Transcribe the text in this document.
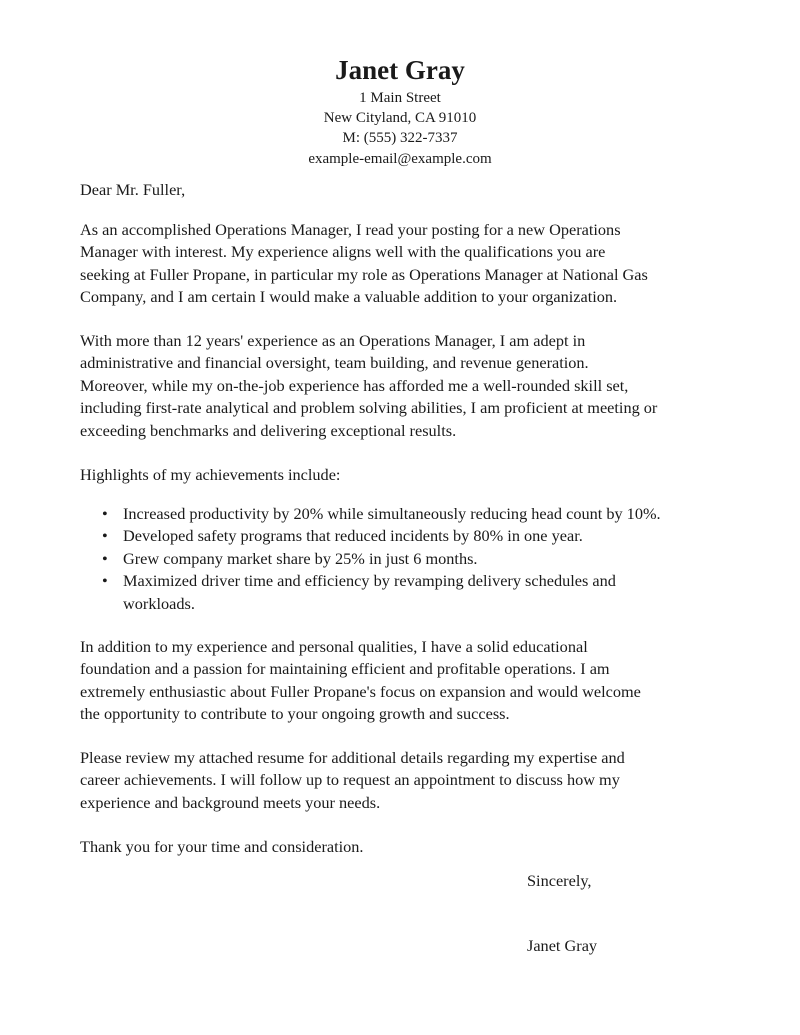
Janet Gray
1 Main Street
New Cityland, CA 91010
M: (555) 322-7337
example-email@example.com
Dear Mr. Fuller,
As an accomplished Operations Manager, I read your posting for a new Operations
Manager with interest. My experience aligns well with the qualifications you are
seeking at Fuller Propane, in particular my role as Operations Manager at National Gas
Company, and I am certain I would make a valuable addition to your organization.
With more than 12 years' experience as an Operations Manager, I am adept in
administrative and financial oversight, team building, and revenue generation.
Moreover, while my on-the-job experience has afforded me a well-rounded skill set,
including first-rate analytical and problem solving abilities, I am proficient at meeting or
exceeding benchmarks and delivering exceptional results.
Highlights of my achievements include:
• Increased productivity by 20% while simultaneously reducing head count by 10%.
• Developed safety programs that reduced incidents by 80% in one year.
• Grew company market share by 25% in just 6 months.
• Maximized driver time and efficiency by revamping delivery schedules and
workloads.
In addition to my experience and personal qualities, I have a solid educational
foundation and a passion for maintaining efficient and profitable operations. I am
extremely enthusiastic about Fuller Propane's focus on expansion and would welcome
the opportunity to contribute to your ongoing growth and success.
Please review my attached resume for additional details regarding my expertise and
career achievements. I will follow up to request an appointment to discuss how my
experience and background meets your needs.
Thank you for your time and consideration.
Sincerely,
Janet Gray
